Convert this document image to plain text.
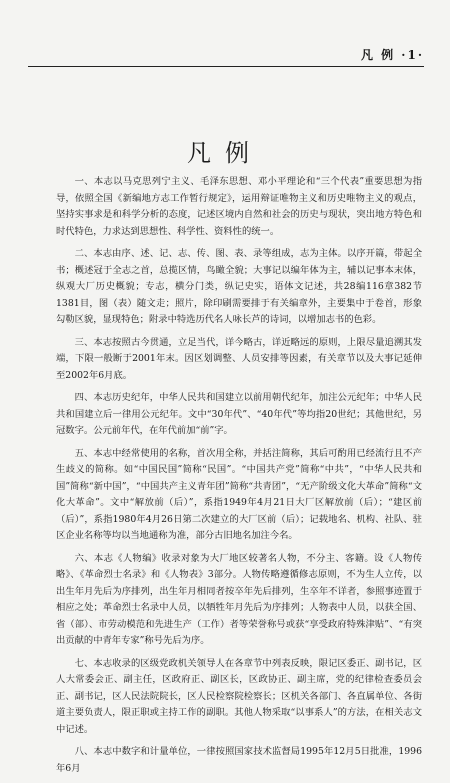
凡 例 ·1·
凡例

一、本志以马克思列宁主义、毛泽东思想、邓小平理论和“三个代表”重要思想为指导，依照全国《新编地方志工作暂行规定》，运用辩证唯物主义和历史唯物主义的观点，坚持实事求是和科学分析的态度，记述区境内自然和社会的历史与现状，突出地方特色和时代特色，力求达到思想性、科学性、资料性的统一。

二、本志由序、述、记、志、传、图、表、录等组成，志为主体。以序开篇，带起全书；概述冠于全志之首，总揽区情，鸟瞰全貌；大事记以编年体为主，辅以记事本末体，纵观大厂历史概貌；专志，横分门类，纵记史实，语体文记述，共28编116章382节1381目，图（表）随文走；照片，除印刷需要排于有关编章外，主要集中于卷首，形象勾勒区貌，显现特色；附录中特选历代名人咏长芦的诗词，以增加志书的色彩。

三、本志按照古今贯通，立足当代，详今略古，详近略远的原则，上限尽量追溯其发端，下限一般断于2001年末。因区划调整、人员安排等因素，有关章节以及大事记延伸至2002年6月底。

四、本志历史纪年，中华人民共和国建立以前用朝代纪年，加注公元纪年；中华人民共和国建立后一律用公元纪年。文中“30年代”、“40年代”等均指20世纪；其他世纪，另冠数字。公元前年代，在年代前加“前”字。

五、本志中经常使用的名称，首次用全称，并括注简称，其后可酌用已经流行且不产生歧义的简称。如“中国民国”简称“民国”。“中国共产党”简称“中共”，“中华人民共和国”简称“新中国”，“中国共产主义青年团”简称“共青团”，“无产阶级文化大革命”简称“文化大革命”。文中“解放前（后）”，系指1949年4月21日大厂区解放前（后）；“建区前（后）”，系指1980年4月26日第二次建立的大厂区前（后）；记载地名、机构、社队、驻区企业名称等均以当地通称为准，部分古旧地名加注今名。

六、本志《人物编》收录对象为大厂地区较著名人物，不分主、客籍。设《人物传略》、《革命烈士名录》和《人物表》3部分。人物传略遵循修志原则，不为生人立传，以出生年月先后为序排列，出生年月相同者按卒年先后排列，生卒年不详者，参照事迹置于相应之处；革命烈士名录中人员，以牺牲年月先后为序排列；人物表中人员，以获全国、省（部）、市劳动模范和先进生产（工作）者等荣誉称号或获“享受政府特殊津贴”、“有突出贡献的中青年专家”称号先后为序。

七、本志收录的区级党政机关领导人在各章节中列表反映，限记区委正、副书记，区人大常委会正、副主任，区政府正、副区长，区政协正、副主席，党的纪律检查委员会正、副书记，区人民法院院长，区人民检察院检察长；区机关各部门、各直属单位、各街道主要负责人，限正职或主持工作的副职。其他人物采取“以事系人”的方法，在相关志文中记述。

八、本志中数字和计量单位，一律按照国家技术监督局1995年12月5日批准，1996年6月
